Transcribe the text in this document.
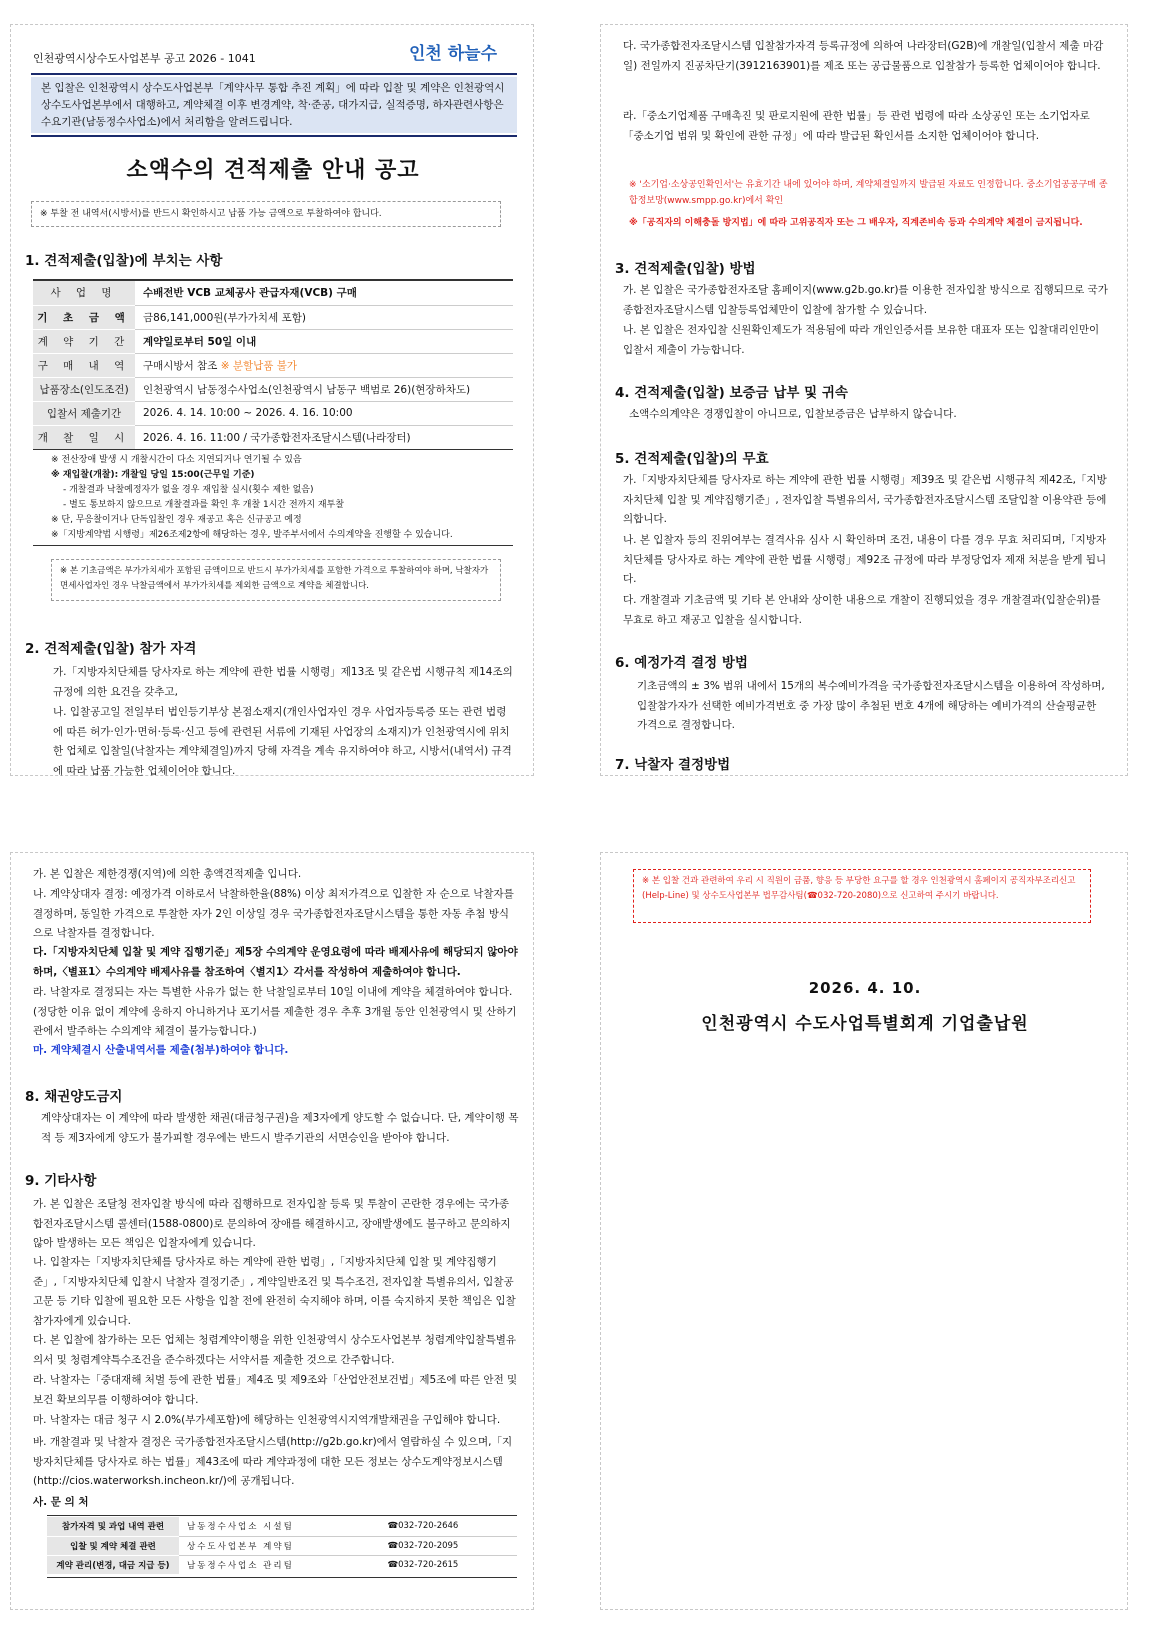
인천광역시상수도사업본부 공고 2026 - 1041	인천 하늘수
본 입찰은 인천광역시 상수도사업본부「계약사무 통합 추진 계획」에 따라 입찰 및 계약은 인천광역시 상수도사업본부에서 대행하고, 계약체결 이후 변경계약, 착·준공, 대가지급, 실적증명, 하자관련사항은 수요기관(남동정수사업소)에서 처리함을 알려드립니다.
소액수의 견적제출 안내 공고
※ 투찰 전 내역서(시방서)를 반드시 확인하시고 납품 가능 금액으로 투찰하여야 합니다.
1. 견적제출(입찰)에 부치는 사항
사 업 명	수배전반 VCB 교체공사 관급자재(VCB) 구매
기 초 금 액	금86,141,000원(부가가치세 포함)
계 약 기 간	계약일로부터 50일 이내
구 매 내 역	구매시방서 참조 ※ 분할납품 불가
납품장소(인도조건)	인천광역시 남동정수사업소(인천광역시 남동구 백범로 26)(현장하차도)
입찰서 제출기간	2026. 4. 14. 10:00 ~ 2026. 4. 16. 10:00
개 찰 일 시	2026. 4. 16. 11:00 / 국가종합전자조달시스템(나라장터)
※ 전산장애 발생 시 개찰시간이 다소 지연되거나 연기될 수 있음
※ 재입찰(개찰): 개찰일 당일 15:00(근무일 기준)
- 개찰결과 낙찰예정자가 없을 경우 재입찰 실시(횟수 제한 없음)
- 별도 통보하지 않으므로 개찰결과를 확인 후 개찰 1시간 전까지 재투찰
※ 단, 무응찰이거나 단독입찰인 경우 재공고 혹은 신규공고 예정
※「지방계약법 시행령」제26조제2항에 해당하는 경우, 발주부서에서 수의계약을 진행할 수 있습니다.
※ 본 기초금액은 부가가치세가 포함된 금액이므로 반드시 부가가치세를 포함한 가격으로 투찰하여야 하며, 낙찰자가 면세사업자인 경우 낙찰금액에서 부가가치세를 제외한 금액으로 계약을 체결합니다.
2. 견적제출(입찰) 참가 자격
가.「지방자치단체를 당사자로 하는 계약에 관한 법률 시행령」제13조 및 같은법 시행규칙 제14조의 규정에 의한 요건을 갖추고,
나. 입찰공고일 전일부터 법인등기부상 본점소재지(개인사업자인 경우 사업자등록증 또는 관련 법령에 따른 허가·인가·면허·등록·신고 등에 관련된 서류에 기재된 사업장의 소재지)가 인천광역시에 위치한 업체로 입찰일(낙찰자는 계약체결일)까지 당해 자격을 계속 유지하여야 하고, 시방서(내역서) 규격에 따라 납품 가능한 업체이어야 합니다.
다. 국가종합전자조달시스템 입찰참가자격 등록규정에 의하여 나라장터(G2B)에 개찰일(입찰서 제출 마감일) 전일까지 진공차단기(3912163901)를 제조 또는 공급물품으로 입찰참가 등록한 업체이어야 합니다.
라.「중소기업제품 구매촉진 및 판로지원에 관한 법률」등 관련 법령에 따라 소상공인 또는 소기업자로「중소기업 범위 및 확인에 관한 규정」에 따라 발급된 확인서를 소지한 업체이어야 합니다.
※ '소기업·소상공인확인서'는 유효기간 내에 있어야 하며, 계약체결일까지 발급된 자료도 인정합니다. 중소기업공공구매 종합정보망(www.smpp.go.kr)에서 확인
※「공직자의 이해충돌 방지법」에 따라 고위공직자 또는 그 배우자, 직계존비속 등과 수의계약 체결이 금지됩니다.
3. 견적제출(입찰) 방법
가. 본 입찰은 국가종합전자조달 홈페이지(www.g2b.go.kr)를 이용한 전자입찰 방식으로 집행되므로 국가종합전자조달시스템 입찰등록업체만이 입찰에 참가할 수 있습니다.
나. 본 입찰은 전자입찰 신원확인제도가 적용됨에 따라 개인인증서를 보유한 대표자 또는 입찰대리인만이 입찰서 제출이 가능합니다.
4. 견적제출(입찰) 보증금 납부 및 귀속
소액수의계약은 경쟁입찰이 아니므로, 입찰보증금은 납부하지 않습니다.
5. 견적제출(입찰)의 무효
가.「지방자치단체를 당사자로 하는 계약에 관한 법률 시행령」제39조 및 같은법 시행규칙 제42조,「지방자치단체 입찰 및 계약집행기준」, 전자입찰 특별유의서, 국가종합전자조달시스템 조달입찰 이용약관 등에 의합니다.
나. 본 입찰자 등의 진위여부는 결격사유 심사 시 확인하며 조건, 내용이 다를 경우 무효 처리되며,「지방자치단체를 당사자로 하는 계약에 관한 법률 시행령」제92조 규정에 따라 부정당업자 제재 처분을 받게 됩니다.
다. 개찰결과 기초금액 및 기타 본 안내와 상이한 내용으로 개찰이 진행되었을 경우 개찰결과(입찰순위)를 무효로 하고 재공고 입찰을 실시합니다.
6. 예정가격 결정 방법
기초금액의 ± 3% 범위 내에서 15개의 복수예비가격을 국가종합전자조달시스템을 이용하여 작성하며, 입찰참가자가 선택한 예비가격번호 중 가장 많이 추첨된 번호 4개에 해당하는 예비가격의 산술평균한 가격으로 결정합니다.
7. 낙찰자 결정방법
가. 본 입찰은 제한경쟁(지역)에 의한 총액견적제출 입니다.
나. 계약상대자 결정: 예정가격 이하로서 낙찰하한율(88%) 이상 최저가격으로 입찰한 자 순으로 낙찰자를 결정하며, 동일한 가격으로 투찰한 자가 2인 이상일 경우 국가종합전자조달시스템을 통한 자동 추첨 방식으로 낙찰자를 결정합니다.
다.「지방자치단체 입찰 및 계약 집행기준」제5장 수의계약 운영요령에 따라 배제사유에 해당되지 않아야 하며,〈별표1〉수의계약 배제사유를 참조하여〈별지1〉각서를 작성하여 제출하여야 합니다.
라. 낙찰자로 결정되는 자는 특별한 사유가 없는 한 낙찰일로부터 10일 이내에 계약을 체결하여야 합니다. (정당한 이유 없이 계약에 응하지 아니하거나 포기서를 제출한 경우 추후 3개월 동안 인천광역시 및 산하기관에서 발주하는 수의계약 체결이 불가능합니다.)
마. 계약체결시 산출내역서를 제출(첨부)하여야 합니다.
8. 채권양도금지
계약상대자는 이 계약에 따라 발생한 채권(대금청구권)을 제3자에게 양도할 수 없습니다. 단, 계약이행 목적 등 제3자에게 양도가 불가피할 경우에는 반드시 발주기관의 서면승인을 받아야 합니다.
9. 기타사항
가. 본 입찰은 조달청 전자입찰 방식에 따라 집행하므로 전자입찰 등록 및 투찰이 곤란한 경우에는 국가종합전자조달시스템 콜센터(1588-0800)로 문의하여 장애를 해결하시고, 장애발생에도 불구하고 문의하지 않아 발생하는 모든 책임은 입찰자에게 있습니다.
나. 입찰자는「지방자치단체를 당사자로 하는 계약에 관한 법령」,「지방자치단체 입찰 및 계약집행기준」,「지방자치단체 입찰시 낙찰자 결정기준」, 계약일반조건 및 특수조건, 전자입찰 특별유의서, 입찰공고문 등 기타 입찰에 필요한 모든 사항을 입찰 전에 완전히 숙지해야 하며, 이를 숙지하지 못한 책임은 입찰참가자에게 있습니다.
다. 본 입찰에 참가하는 모든 업체는 청렴계약이행을 위한 인천광역시 상수도사업본부 청렴계약입찰특별유의서 및 청렴계약특수조건을 준수하겠다는 서약서를 제출한 것으로 간주합니다.
라. 낙찰자는「중대재해 처벌 등에 관한 법률」제4조 및 제9조와「산업안전보건법」제5조에 따른 안전 및 보건 확보의무를 이행하여야 합니다.
마. 낙찰자는 대금 청구 시 2.0%(부가세포함)에 해당하는 인천광역시지역개발채권을 구입해야 합니다.
바. 개찰결과 및 낙찰자 결정은 국가종합전자조달시스템(http://g2b.go.kr)에서 열람하실 수 있으며,「지방자치단체를 당사자로 하는 법률」제43조에 따라 계약과정에 대한 모든 정보는 상수도계약정보시스템(http://cios.waterworksh.incheon.kr/)에 공개됩니다.
사. 문 의 처
참가자격 및 과업 내역 관련	남동정수사업소 시설팀	☎032-720-2646
입찰 및 계약 체결 관련	상수도사업본부 계약팀	☎032-720-2095
계약 관리(변경, 대금 지급 등)	남동정수사업소 관리팀	☎032-720-2615
※ 본 입찰 건과 관련하여 우리 시 직원이 금품, 향응 등 부당한 요구를 할 경우 인천광역시 홈페이지 공직자부조리신고(Help-Line) 및 상수도사업본부 법무감사팀(☎032-720-2080)으로 신고하여 주시기 바랍니다.
2026. 4. 10.
인천광역시 수도사업특별회계 기업출납원
